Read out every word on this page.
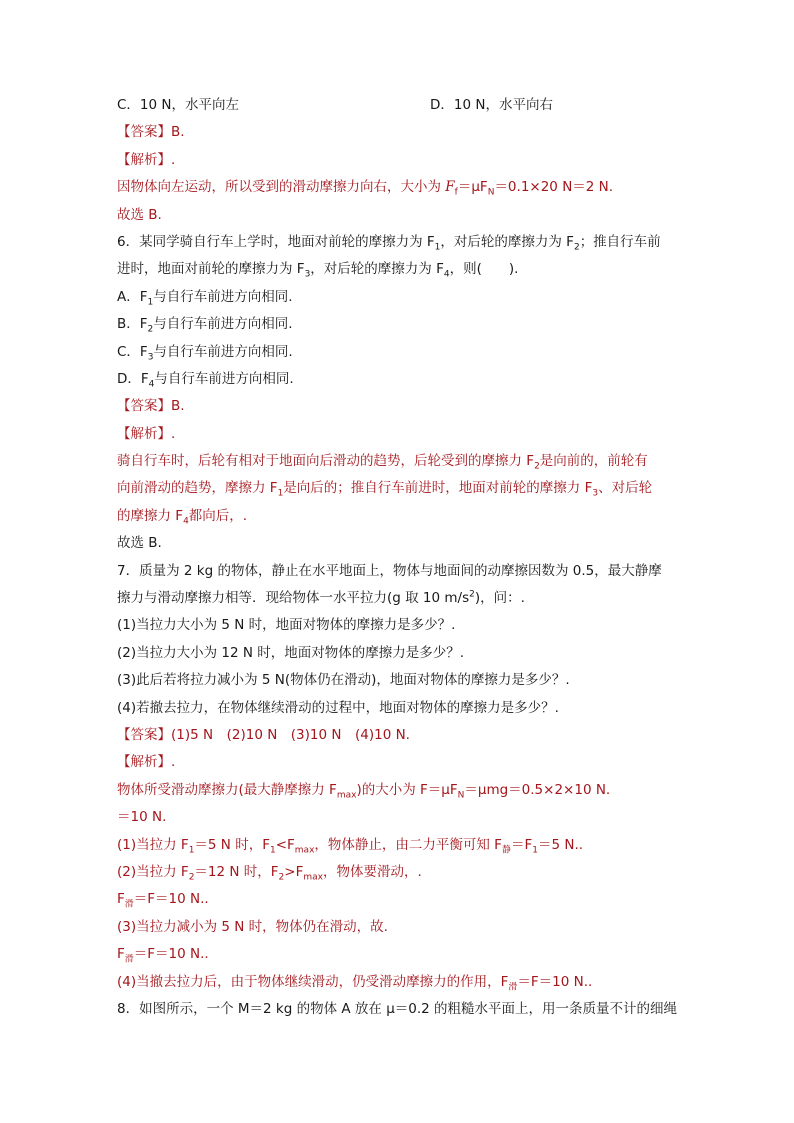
C．10 N，水平向左	D．10 N，水平向右
【答案】B.
【解析】.
因物体向左运动，所以受到的滑动摩擦力向右，大小为 $F_f=\mu F_N=0.1\times 20$ N＝2 N.
故选 B.
6．某同学骑自行车上学时，地面对前轮的摩擦力为 $F_1$，对后轮的摩擦力为 $F_2$；推自行车前
进时，地面对前轮的摩擦力为 $F_3$，对后轮的摩擦力为 $F_4$，则(　　).
A．$F_1$与自行车前进方向相同.
B．$F_2$与自行车前进方向相同.
C．$F_3$与自行车前进方向相同.
D．$F_4$与自行车前进方向相同.
【答案】B.
【解析】.
骑自行车时，后轮有相对于地面向后滑动的趋势，后轮受到的摩擦力 $F_2$是向前的，前轮有
向前滑动的趋势，摩擦力 $F_1$是向后的；推自行车前进时，地面对前轮的摩擦力 $F_3$、对后轮
的摩擦力 $F_4$都向后，.
故选 B.
7．质量为 2 kg 的物体，静止在水平地面上，物体与地面间的动摩擦因数为 0.5，最大静摩
擦力与滑动摩擦力相等．现给物体一水平拉力(g 取 10 $m/s^2$)，问：.
(1)当拉力大小为 5 N 时，地面对物体的摩擦力是多少？.
(2)当拉力大小为 12 N 时，地面对物体的摩擦力是多少？.
(3)此后若将拉力减小为 5 N(物体仍在滑动)，地面对物体的摩擦力是多少？.
(4)若撤去拉力，在物体继续滑动的过程中，地面对物体的摩擦力是多少？.
【答案】(1)5 N　(2)10 N　(3)10 N　(4)10 N.
【解析】.
物体所受滑动摩擦力(最大静摩擦力 $F_{max}$)的大小为 $F=\mu F_N=\mu mg=0.5\times 2\times 10$ N.
＝10 N.
(1)当拉力 $F_1=5$ N 时，$F_1<F_{max}$，物体静止，由二力平衡可知 $F_静=F_1=5$ N..
(2)当拉力 $F_2=12$ N 时，$F_2>F_{max}$，物体要滑动，.
$F_滑=F=10$ N..
(3)当拉力减小为 5 N 时，物体仍在滑动，故.
$F_滑=F=10$ N..
(4)当撤去拉力后，由于物体继续滑动，仍受滑动摩擦力的作用，$F_滑=F=10$ N..
8．如图所示，一个 M＝2 kg 的物体 A 放在 μ＝0.2 的粗糙水平面上，用一条质量不计的细绳
